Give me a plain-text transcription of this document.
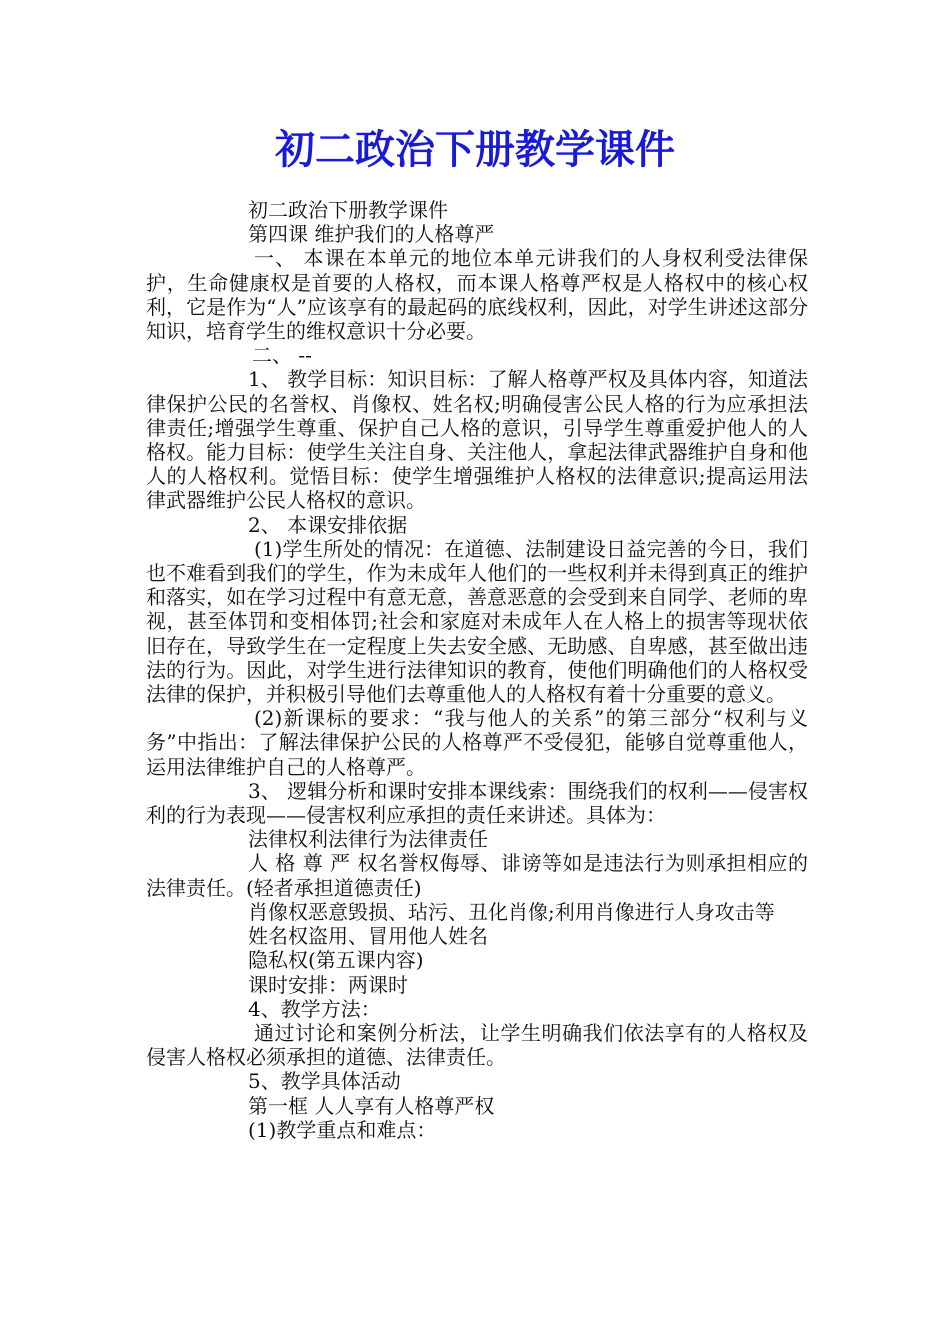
初二政治下册教学课件

初二政治下册教学课件

第四课 维护我们的人格尊严

一、 本课在本单元的地位本单元讲我们的人身权利受法律保护，生命健康权是首要的人格权，而本课人格尊严权是人格权中的核心权利，它是作为“人”应该享有的最起码的底线权利，因此，对学生讲述这部分知识，培育学生的维权意识十分必要。

二、 --

1、 教学目标：知识目标：了解人格尊严权及具体内容，知道法律保护公民的名誉权、肖像权、姓名权;明确侵害公民人格的行为应承担法律责任;增强学生尊重、保护自己人格的意识，引导学生尊重爱护他人的人格权。能力目标：使学生关注自身、关注他人，拿起法律武器维护自身和他人的人格权利。觉悟目标：使学生增强维护人格权的法律意识;提高运用法律武器维护公民人格权的意识。

2、 本课安排依据

(1)学生所处的情况：在道德、法制建设日益完善的今日，我们也不难看到我们的学生，作为未成年人他们的一些权利并未得到真正的维护和落实，如在学习过程中有意无意，善意恶意的会受到来自同学、老师的卑视，甚至体罚和变相体罚;社会和家庭对未成年人在人格上的损害等现状依旧存在，导致学生在一定程度上失去安全感、无助感、自卑感，甚至做出违法的行为。因此，对学生进行法律知识的教育，使他们明确他们的人格权受法律的保护，并积极引导他们去尊重他人的人格权有着十分重要的意义。

(2)新课标的要求：“我与他人的关系”的第三部分“权利与义务”中指出：了解法律保护公民的人格尊严不受侵犯，能够自觉尊重他人，运用法律维护自己的人格尊严。

3、 逻辑分析和课时安排本课线索：围绕我们的权利——侵害权利的行为表现——侵害权利应承担的责任来讲述。具体为：

法律权利法律行为法律责任

人 格 尊 严 权名誉权侮辱、诽谤等如是违法行为则承担相应的法律责任。(轻者承担道德责任)

肖像权恶意毁损、玷污、丑化肖像;利用肖像进行人身攻击等

姓名权盗用、冒用他人姓名

隐私权(第五课内容)

课时安排：两课时

4、教学方法：

通过讨论和案例分析法，让学生明确我们依法享有的人格权及侵害人格权必须承担的道德、法律责任。

5、教学具体活动

第一框 人人享有人格尊严权

(1)教学重点和难点：
